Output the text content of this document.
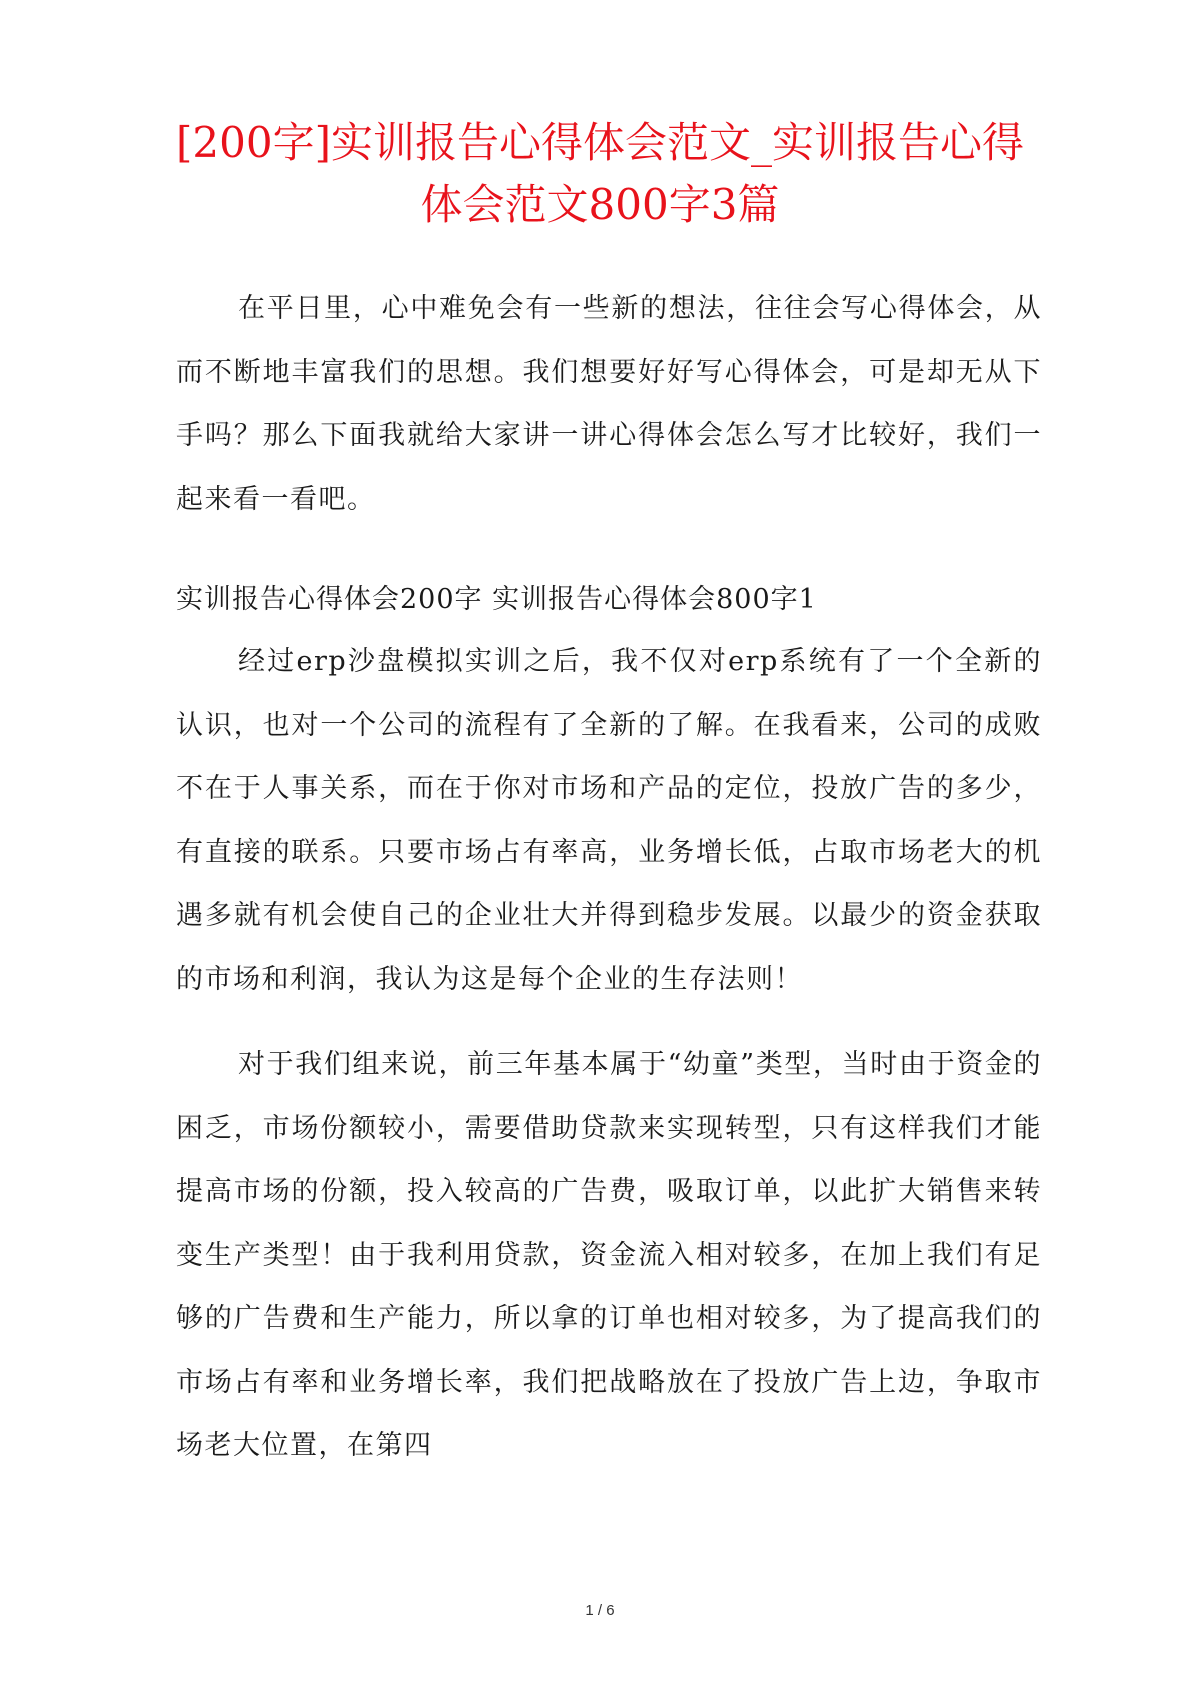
[200字]实训报告心得体会范文_实训报告心得体会范文800字3篇

在平日里，心中难免会有一些新的想法，往往会写心得体会，从而不断地丰富我们的思想。我们想要好好写心得体会，可是却无从下手吗？那么下面我就给大家讲一讲心得体会怎么写才比较好，我们一起来看一看吧。

实训报告心得体会200字 实训报告心得体会800字1

经过erp沙盘模拟实训之后，我不仅对erp系统有了一个全新的认识，也对一个公司的流程有了全新的了解。在我看来，公司的成败不在于人事关系，而在于你对市场和产品的定位，投放广告的多少，有直接的联系。只要市场占有率高，业务增长低，占取市场老大的机遇多就有机会使自己的企业壮大并得到稳步发展。以最少的资金获取的市场和利润，我认为这是每个企业的生存法则！

对于我们组来说，前三年基本属于“幼童”类型，当时由于资金的困乏，市场份额较小，需要借助贷款来实现转型，只有这样我们才能提高市场的份额，投入较高的广告费，吸取订单，以此扩大销售来转变生产类型！由于我利用贷款，资金流入相对较多，在加上我们有足够的广告费和生产能力，所以拿的订单也相对较多，为了提高我们的市场占有率和业务增长率，我们把战略放在了投放广告上边，争取市场老大位置，在第四

1 / 6
